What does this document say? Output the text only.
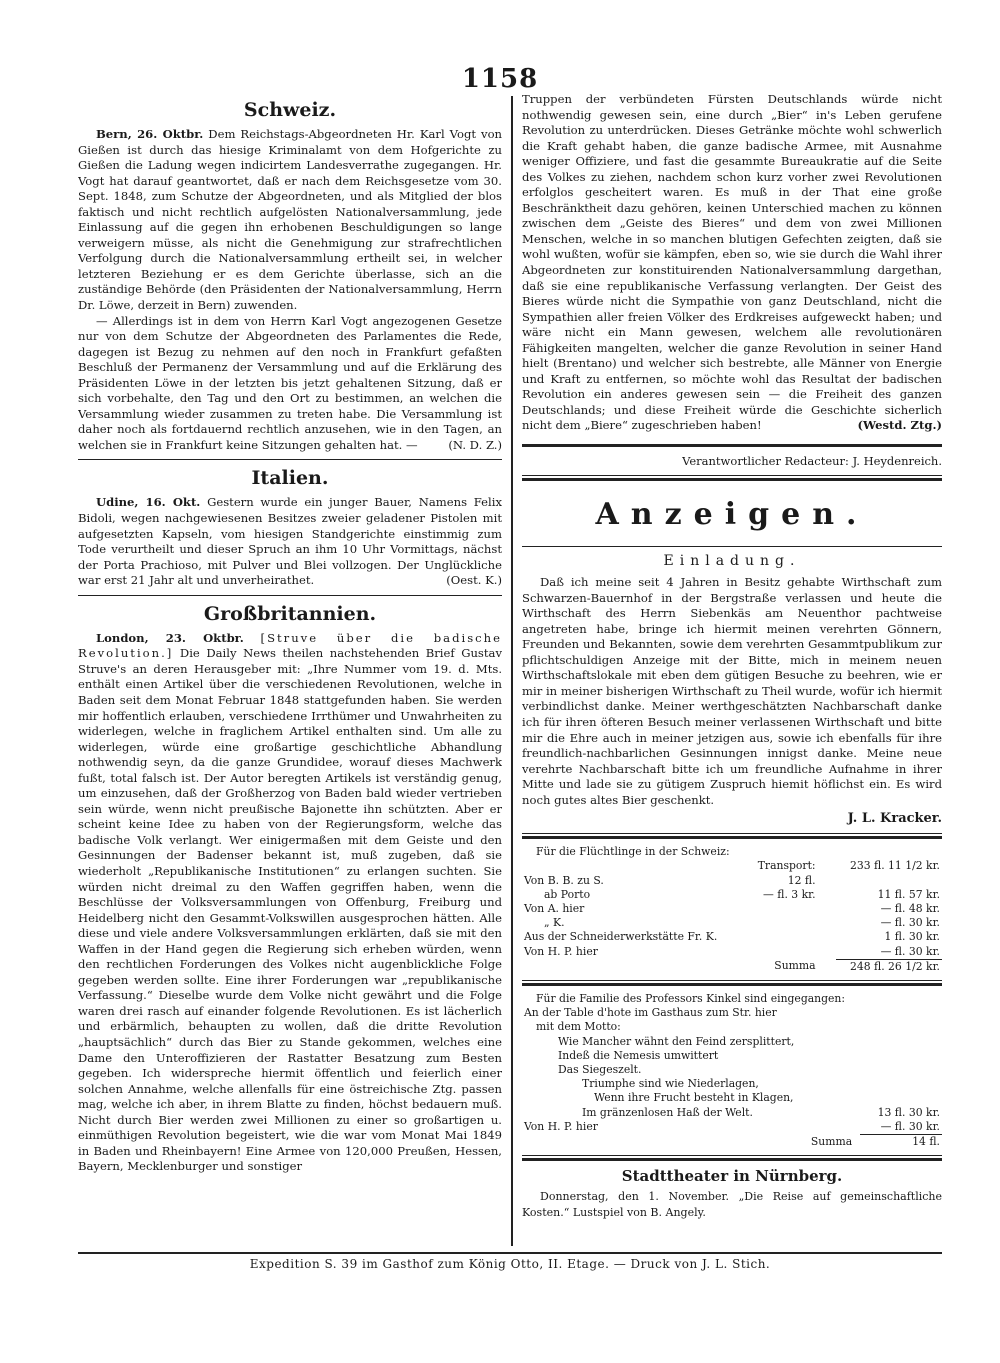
1158
Schweiz.

Bern, 26. Oktbr. Dem Reichstags-Abgeordneten Hr. Karl Vogt von Gießen ist durch das hiesige Kriminalamt von dem Hofgerichte zu Gießen die Ladung wegen indicirtem Landesverrathe zugegangen. Hr. Vogt hat darauf geantwortet, daß er nach dem Reichsgesetze vom 30. Sept. 1848, zum Schutze der Abgeordneten, und als Mitglied der blos faktisch und nicht rechtlich aufgelösten Nationalversammlung, jede Einlassung auf die gegen ihn erhobenen Beschuldigungen so lange verweigern müsse, als nicht die Genehmigung zur strafrechtlichen Verfolgung durch die Nationalversammlung ertheilt sei, in welcher letzteren Beziehung er es dem Gerichte überlasse, sich an die zuständige Behörde (den Präsidenten der Nationalversammlung, Herrn Dr. Löwe, derzeit in Bern) zuwenden.

— Allerdings ist in dem von Herrn Karl Vogt angezogenen Gesetze nur von dem Schutze der Abgeordneten des Parlamentes die Rede, dagegen ist Bezug zu nehmen auf den noch in Frankfurt gefaßten Beschluß der Permanenz der Versammlung und auf die Erklärung des Präsidenten Löwe in der letzten bis jetzt gehaltenen Sitzung, daß er sich vorbehalte, den Tag und den Ort zu bestimmen, an welchen die Versammlung wieder zusammen zu treten habe. Die Versammlung ist daher noch als fortdauernd rechtlich anzusehen, wie in den Tagen, an welchen sie in Frankfurt keine Sitzungen gehalten hat. —	(N. D. Z.)

Italien.

Udine, 16. Okt. Gestern wurde ein junger Bauer, Namens Felix Bidoli, wegen nachgewiesenen Besitzes zweier geladener Pistolen mit aufgesetzten Kapseln, vom hiesigen Standgerichte einstimmig zum Tode verurtheilt und dieser Spruch an ihm 10 Uhr Vormittags, nächst der Porta Prachioso, mit Pulver und Blei vollzogen. Der Unglückliche war erst 21 Jahr alt und unverheirathet.	(Oest. K.)

Großbritannien.

London, 23. Oktbr. [Struve über die badische Revolution.] Die Daily News theilen nachstehenden Brief Gustav Struve's an deren Herausgeber mit: „Ihre Nummer vom 19. d. Mts. enthält einen Artikel über die verschiedenen Revolutionen, welche in Baden seit dem Monat Februar 1848 stattgefunden haben. Sie werden mir hoffentlich erlauben, verschiedene Irrthümer und Unwahrheiten zu widerlegen, welche in fraglichem Artikel enthalten sind. Um alle zu widerlegen, würde eine großartige geschichtliche Abhandlung nothwendig seyn, da die ganze Grundidee, worauf dieses Machwerk fußt, total falsch ist. Der Autor beregten Artikels ist verständig genug, um einzusehen, daß der Großherzog von Baden bald wieder vertrieben sein würde, wenn nicht preußische Bajonette ihn schützten. Aber er scheint keine Idee zu haben von der Regierungsform, welche das badische Volk verlangt. Wer einigermaßen mit dem Geiste und den Gesinnungen der Badenser bekannt ist, muß zugeben, daß sie wiederholt „Republikanische Institutionen“ zu erlangen suchten. Sie würden nicht dreimal zu den Waffen gegriffen haben, wenn die Beschlüsse der Volksversammlungen von Offenburg, Freiburg und Heidelberg nicht den Gesammt-Volkswillen ausgesprochen hätten. Alle diese und viele andere Volksversammlungen erklärten, daß sie mit den Waffen in der Hand gegen die Regierung sich erheben würden, wenn den rechtlichen Forderungen des Volkes nicht augenblickliche Folge gegeben werden sollte. Eine ihrer Forderungen war „republikanische Verfassung.“ Dieselbe wurde dem Volke nicht gewährt und die Folge waren drei rasch auf einander folgende Revolutionen. Es ist lächerlich und erbärmlich, behaupten zu wollen, daß die dritte Revolution „hauptsächlich“ durch das Bier zu Stande gekommen, welches eine Dame den Unteroffizieren der Rastatter Besatzung zum Besten gegeben. Ich widerspreche hiermit öffentlich und feierlich einer solchen Annahme, welche allenfalls für eine östreichische Ztg. passen mag, welche ich aber, in ihrem Blatte zu finden, höchst bedauern muß. Nicht durch Bier werden zwei Millionen zu einer so großartigen u. einmüthigen Revolution begeistert, wie die war vom Monat Mai 1849 in Baden und Rheinbayern! Eine Armee von 120,000 Preußen, Hessen, Bayern, Mecklenburger und sonstiger

Truppen der verbündeten Fürsten Deutschlands würde nicht nothwendig gewesen sein, eine durch „Bier“ in's Leben gerufene Revolution zu unterdrücken. Dieses Getränke möchte wohl schwerlich die Kraft gehabt haben, die ganze badische Armee, mit Ausnahme weniger Offiziere, und fast die gesammte Bureaukratie auf die Seite des Volkes zu ziehen, nachdem schon kurz vorher zwei Revolutionen erfolglos gescheitert waren. Es muß in der That eine große Beschränktheit dazu gehören, keinen Unterschied machen zu können zwischen dem „Geiste des Bieres“ und dem von zwei Millionen Menschen, welche in so manchen blutigen Gefechten zeigten, daß sie wohl wußten, wofür sie kämpfen, eben so, wie sie durch die Wahl ihrer Abgeordneten zur konstituirenden Nationalversammlung dargethan, daß sie eine republikanische Verfassung verlangten. Der Geist des Bieres würde nicht die Sympathie von ganz Deutschland, nicht die Sympathien aller freien Völker des Erdkreises aufgeweckt haben; und wäre nicht ein Mann gewesen, welchem alle revolutionären Fähigkeiten mangelten, welcher die ganze Revolution in seiner Hand hielt (Brentano) und welcher sich bestrebte, alle Männer von Energie und Kraft zu entfernen, so möchte wohl das Resultat der badischen Revolution ein anderes gewesen sein — die Freiheit des ganzen Deutschlands; und diese Freiheit würde die Geschichte sicherlich nicht dem „Biere“ zugeschrieben haben!	(Westd. Ztg.)

Verantwortlicher Redacteur: J. Heydenreich.
Anzeigen.
Einladung.

Daß ich meine seit 4 Jahren in Besitz gehabte Wirthschaft zum Schwarzen-Bauernhof in der Bergstraße verlassen und heute die Wirthschaft des Herrn Siebenkäs am Neuenthor pachtweise angetreten habe, bringe ich hiermit meinen verehrten Gönnern, Freunden und Bekannten, sowie dem verehrten Gesammtpublikum zur pflichtschuldigen Anzeige mit der Bitte, mich in meinem neuen Wirthschaftslokale mit eben dem gütigen Besuche zu beehren, wie er mir in meiner bisherigen Wirthschaft zu Theil wurde, wofür ich hiermit verbindlichst danke. Meiner werthgeschätzten Nachbarschaft danke ich für ihren öfteren Besuch meiner verlassenen Wirthschaft und bitte mir die Ehre auch in meiner jetzigen aus, sowie ich ebenfalls für ihre freundlich-nachbarlichen Gesinnungen innigst danke. Meine neue verehrte Nachbarschaft bitte ich um freundliche Aufnahme in ihrer Mitte und lade sie zu gütigem Zuspruch hiemit höflichst ein. Es wird noch gutes altes Bier geschenkt.

J. L. Kracker.
Für die Flüchtlinge in der Schweiz:		
	Transport:	233 fl. 11 1/2 kr.
Von B. B. zu S.	12 fl.	
ab Porto	— fl. 3 kr.	11 fl. 57 kr.
Von A. hier		— fl. 48 kr.
„ K.		— fl. 30 kr.
Aus der Schneiderwerkstätte Fr. K.		1 fl. 30 kr.
Von H. P. hier		— fl. 30 kr.
	Summa	248 fl. 26 1/2 kr.
Für die Familie des Professors Kinkel sind eingegangen:	
An der Table d'hote im Gasthaus zum Str. hier	
mit dem Motto:	
Wie Mancher wähnt den Feind zersplittert,	
Indeß die Nemesis umwittert	
Das Siegeszelt.	
Triumphe sind wie Niederlagen,	
Wenn ihre Frucht besteht in Klagen,	
Im gränzenlosen Haß der Welt.	13 fl. 30 kr.
Von H. P. hier	— fl. 30 kr.
Summa	14 fl.
Stadttheater in Nürnberg.

Donnerstag, den 1. November. „Die Reise auf gemeinschaftliche Kosten.“ Lustspiel von B. Angely.

Expedition S. 39 im Gasthof zum König Otto, II. Etage. — Druck von J. L. Stich.
